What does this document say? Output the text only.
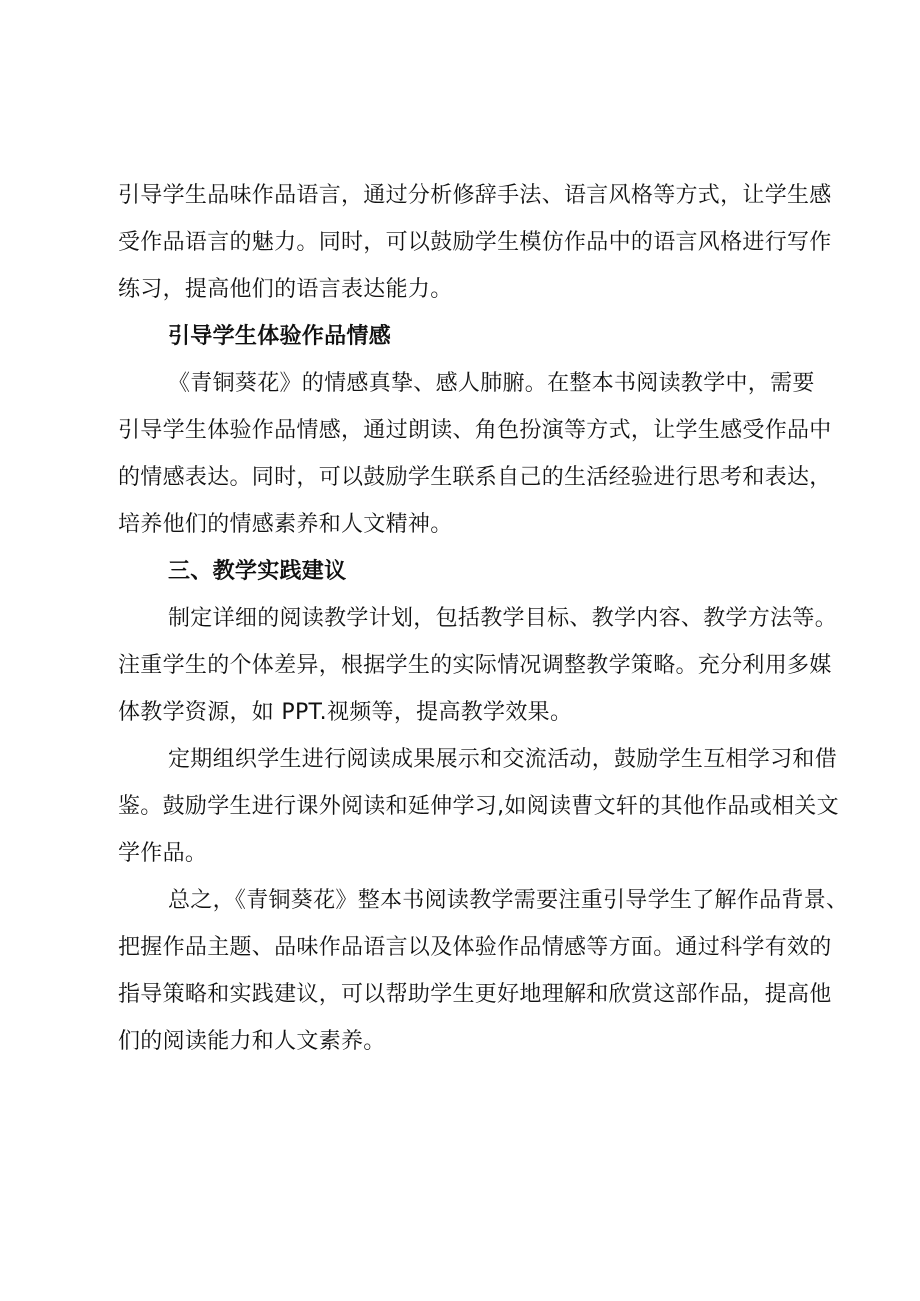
引导学生品味作品语言，通过分析修辞手法、语言风格等方式，让学生感
受作品语言的魅力。同时，可以鼓励学生模仿作品中的语言风格进行写作
练习，提高他们的语言表达能力。
引导学生体验作品情感
《青铜葵花》的情感真挚、感人肺腑。在整本书阅读教学中，需要
引导学生体验作品情感，通过朗读、角色扮演等方式，让学生感受作品中
的情感表达。同时，可以鼓励学生联系自己的生活经验进行思考和表达，
培养他们的情感素养和人文精神。
三、教学实践建议
制定详细的阅读教学计划，包括教学目标、教学内容、教学方法等。
注重学生的个体差异，根据学生的实际情况调整教学策略。充分利用多媒
体教学资源，如 PPT.视频等，提高教学效果。
定期组织学生进行阅读成果展示和交流活动，鼓励学生互相学习和借
鉴。鼓励学生进行课外阅读和延伸学习,如阅读曹文轩的其他作品或相关文
学作品。
总之，《青铜葵花》整本书阅读教学需要注重引导学生了解作品背景、
把握作品主题、品味作品语言以及体验作品情感等方面。通过科学有效的
指导策略和实践建议，可以帮助学生更好地理解和欣赏这部作品，提高他
们的阅读能力和人文素养。
